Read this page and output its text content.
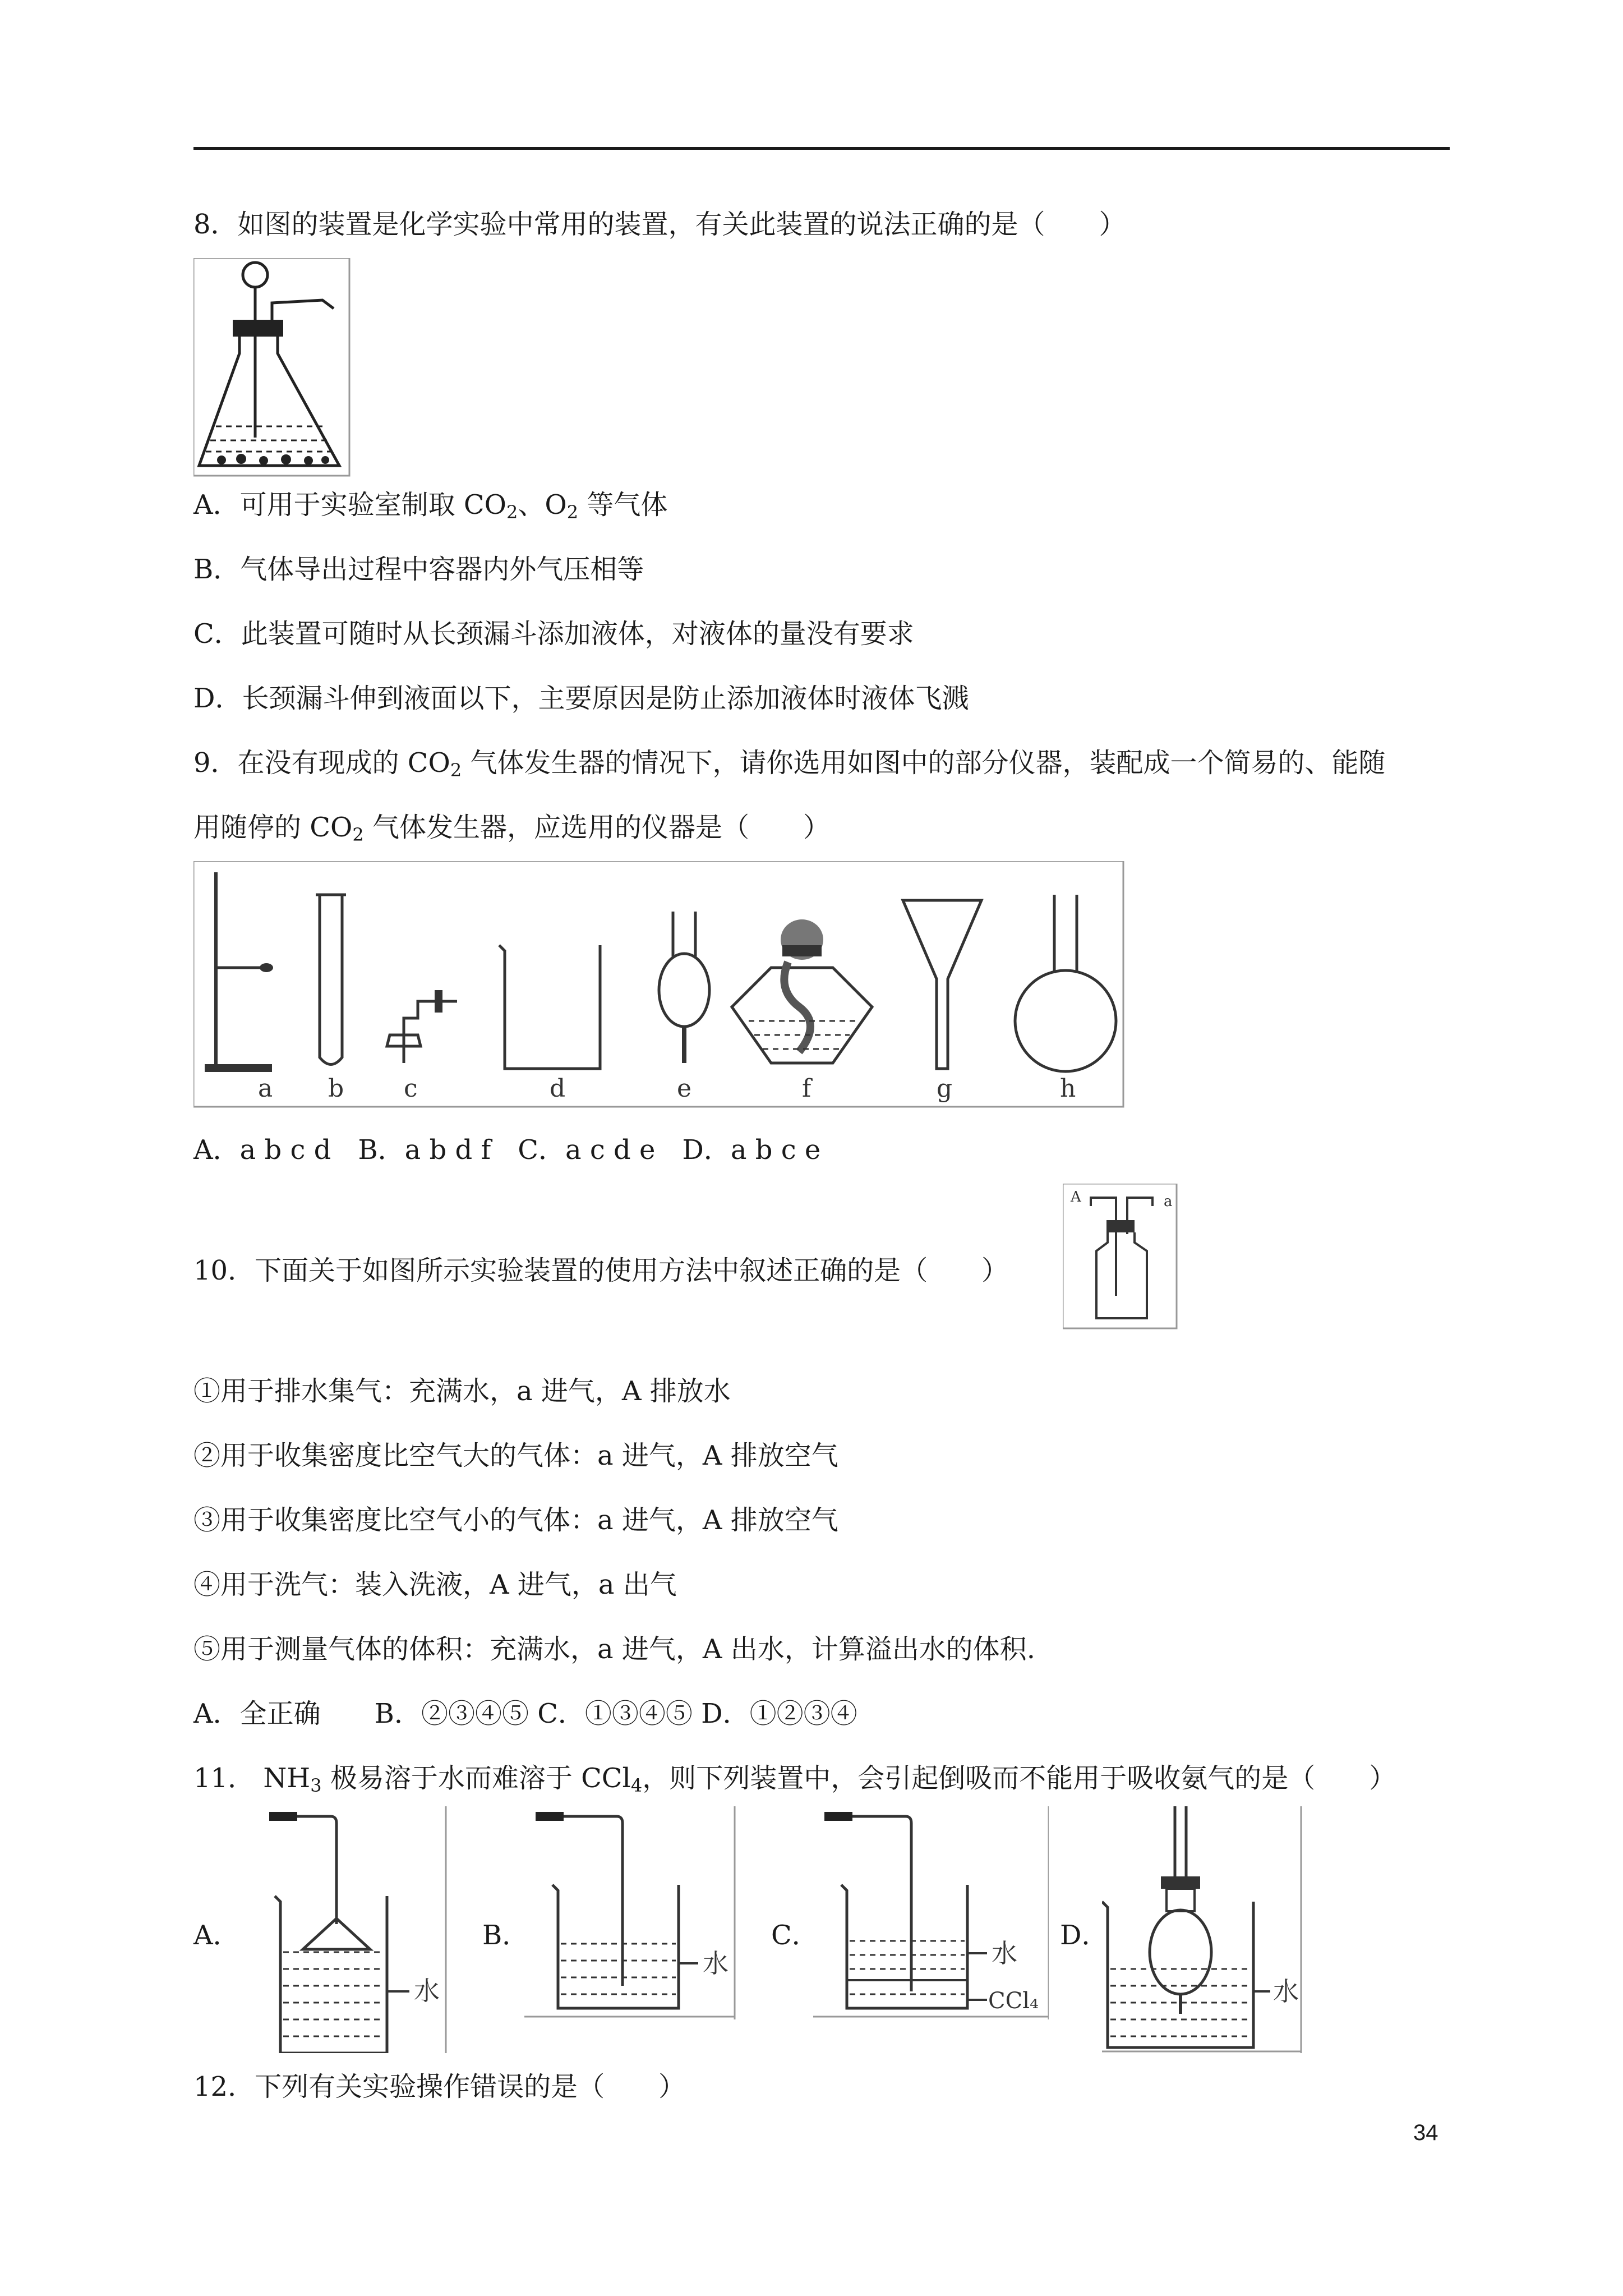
8．如图的装置是化学实验中常用的装置，有关此装置的说法正确的是（　　）
A．可用于实验室制取 $CO_2$、$O_2$ 等气体
B．气体导出过程中容器内外气压相等
C．此装置可随时从长颈漏斗添加液体，对液体的量没有要求
D．长颈漏斗伸到液面以下，主要原因是防止添加液体时液体飞溅
9．在没有现成的 $CO_2$ 气体发生器的情况下，请你选用如图中的部分仪器，装配成一个简易的、能随
用随停的 $CO_2$ 气体发生器，应选用的仪器是（　　）
a b c	d	e	f	g	h
A．a b c d　B．a b d f　C．a c d e　D．a b c e
10．下面关于如图所示实验装置的使用方法中叙述正确的是（　　）
A	a
①用于排水集气：充满水，a 进气，A 排放水
②用于收集密度比空气大的气体：a 进气，A 排放空气
③用于收集密度比空气小的气体：a 进气，A 排放空气
④用于洗气：装入洗液，A 进气，a 出气
⑤用于测量气体的体积：充满水，a 进气，A 出水，计算溢出水的体积.
A．全正确　　B．②③④⑤ C．①③④⑤ D．①②③④
11． $NH_3$ 极易溶于水而难溶于 CCl$_4$，则下列装置中，会引起倒吸而不能用于吸收氨气的是（　　）
A．
水
B．
水
C．
水
CCl₄
D．
水
12．下列有关实验操作错误的是（　　）
34
